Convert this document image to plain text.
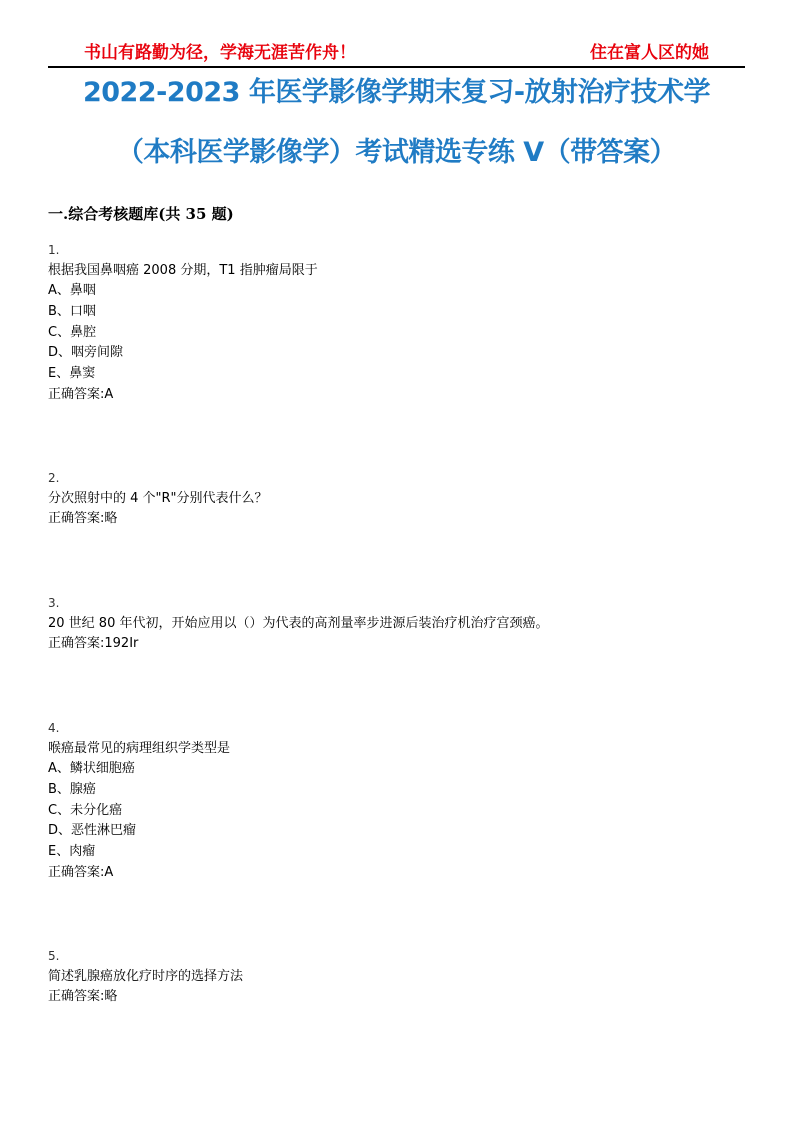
书山有路勤为径，学海无涯苦作舟！	住在富人区的她
2022-2023 年医学影像学期末复习-放射治疗技术学
（本科医学影像学）考试精选专练 V（带答案）
一.综合考核题库(共 35 题)
1.
根据我国鼻咽癌 2008 分期，T1 指肿瘤局限于
A、鼻咽
B、口咽
C、鼻腔
D、咽旁间隙
E、鼻窦
正确答案:A
2.
分次照射中的 4 个"R"分别代表什么？
正确答案:略
3.
20 世纪 80 年代初，开始应用以（）为代表的高剂量率步进源后装治疗机治疗宫颈癌。
正确答案:192Ir
4.
喉癌最常见的病理组织学类型是
A、鳞状细胞癌
B、腺癌
C、未分化癌
D、恶性淋巴瘤
E、肉瘤
正确答案:A
5.
简述乳腺癌放化疗时序的选择方法
正确答案:略
